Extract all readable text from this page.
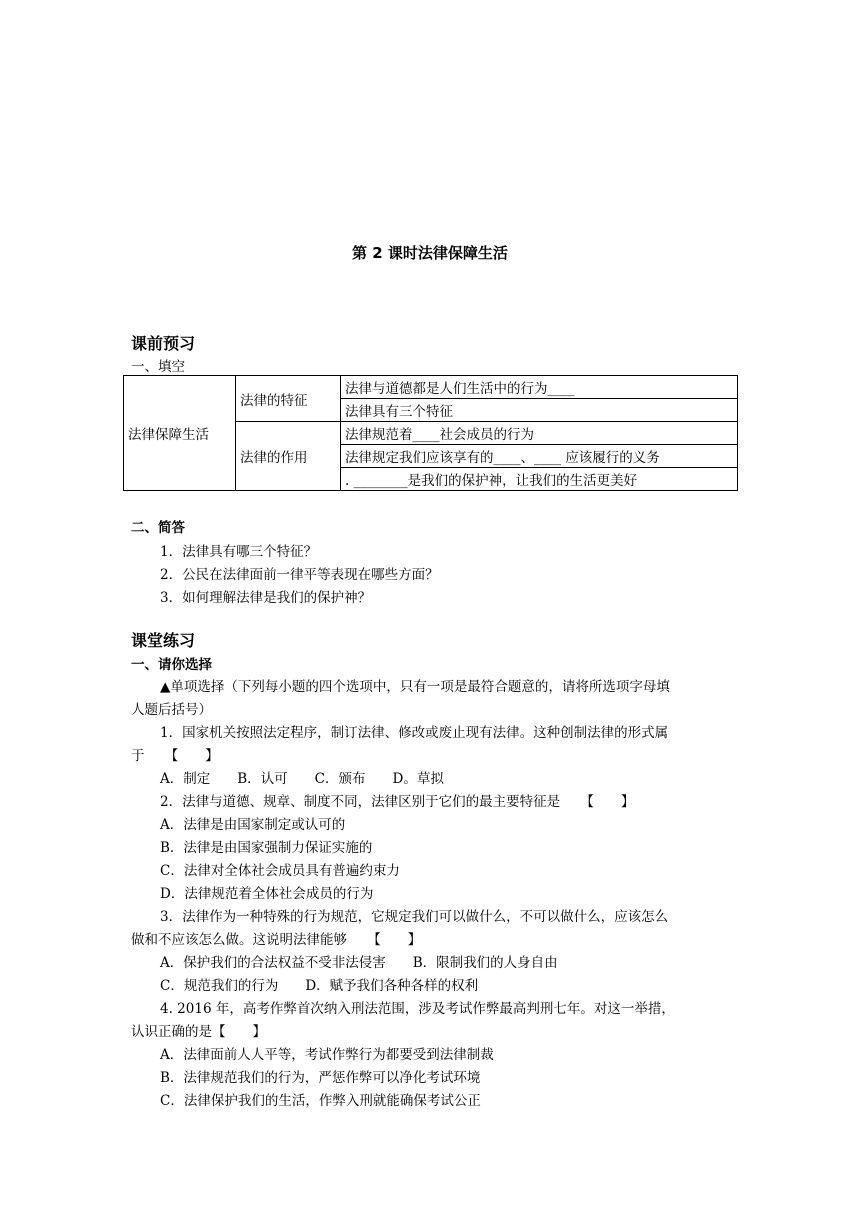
第 2 课时法律保障生活
课前预习
一、填空
法律保障生活	法律的特征	法律与道德都是人们生活中的行为____
		法律具有三个特征
	法律的作用	法律规范着____社会成员的行为
		法律规定我们应该享有的____、____ 应该履行的义务
		. ________是我们的保护神，让我们的生活更美好
二、简答
1．法律具有哪三个特征？
2．公民在法律面前一律平等表现在哪些方面？
3．如何理解法律是我们的保护神？
课堂练习
一、请你选择
▲单项选择（下列每小题的四个选项中，只有一项是最符合题意的，请将所选项字母填
人题后括号）
1．国家机关按照法定程序，制订法律、修改或废止现有法律。这种创制法律的形式属
于　　【　　】
A．制定　　B．认可　　C．颁布　　D。草拟
2．法律与道德、规章、制度不同，法律区别于它们的最主要特征是　　【　　】
A．法律是由国家制定或认可的
B．法律是由国家强制力保证实施的
C．法律对全体社会成员具有普遍约束力
D．法律规范着全体社会成员的行为
3．法律作为一种特殊的行为规范，它规定我们可以做什么，不可以做什么，应该怎么
做和不应该怎么做。这说明法律能够　　【　　】
A．保护我们的合法权益不受非法侵害　　B．限制我们的人身自由
C．规范我们的行为　　D．赋予我们各种各样的权利
4. 2016 年，高考作弊首次纳入刑法范围，涉及考试作弊最高判刑七年。对这一举措，
认识正确的是【　　】
A．法律面前人人平等，考试作弊行为都要受到法律制裁
B．法律规范我们的行为，严惩作弊可以净化考试环境
C．法律保护我们的生活，作弊入刑就能确保考试公正
